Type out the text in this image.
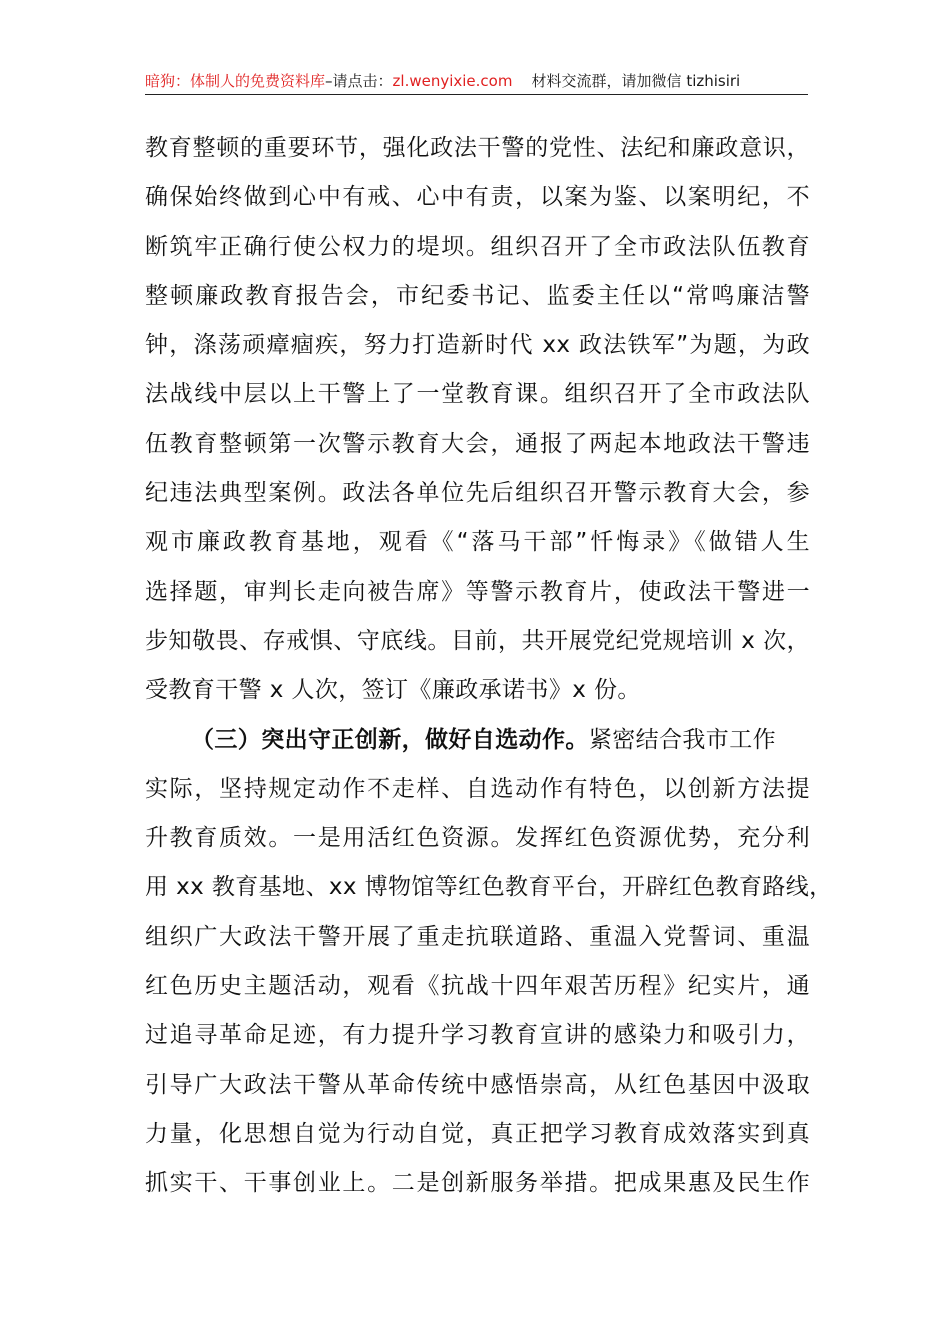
暗狗：体制人的免费资料库–请点击：zl.wenyixie.com 材料交流群，请加微信 tizhisiri
教育整顿的重要环节，强化政法干警的党性、法纪和廉政意识，
确保始终做到心中有戒、心中有责，以案为鉴、以案明纪，不
断筑牢正确行使公权力的堤坝。组织召开了全市政法队伍教育
整顿廉政教育报告会，市纪委书记、监委主任以“常鸣廉洁警
钟，涤荡顽瘴痼疾，努力打造新时代 xx 政法铁军”为题，为政
法战线中层以上干警上了一堂教育课。组织召开了全市政法队
伍教育整顿第一次警示教育大会，通报了两起本地政法干警违
纪违法典型案例。政法各单位先后组织召开警示教育大会，参
观市廉政教育基地，观看《“落马干部”忏悔录》《做错人生
选择题，审判长走向被告席》等警示教育片，使政法干警进一
步知敬畏、存戒惧、守底线。目前，共开展党纪党规培训 x 次，
受教育干警 x 人次，签订《廉政承诺书》x 份。
（三）突出守正创新，做好自选动作。紧密结合我市工作
实际，坚持规定动作不走样、自选动作有特色，以创新方法提
升教育质效。一是用活红色资源。发挥红色资源优势，充分利
用 xx 教育基地、xx 博物馆等红色教育平台，开辟红色教育路线，
组织广大政法干警开展了重走抗联道路、重温入党誓词、重温
红色历史主题活动，观看《抗战十四年艰苦历程》纪实片，通
过追寻革命足迹，有力提升学习教育宣讲的感染力和吸引力，
引导广大政法干警从革命传统中感悟崇高，从红色基因中汲取
力量，化思想自觉为行动自觉，真正把学习教育成效落实到真
抓实干、干事创业上。二是创新服务举措。把成果惠及民生作
